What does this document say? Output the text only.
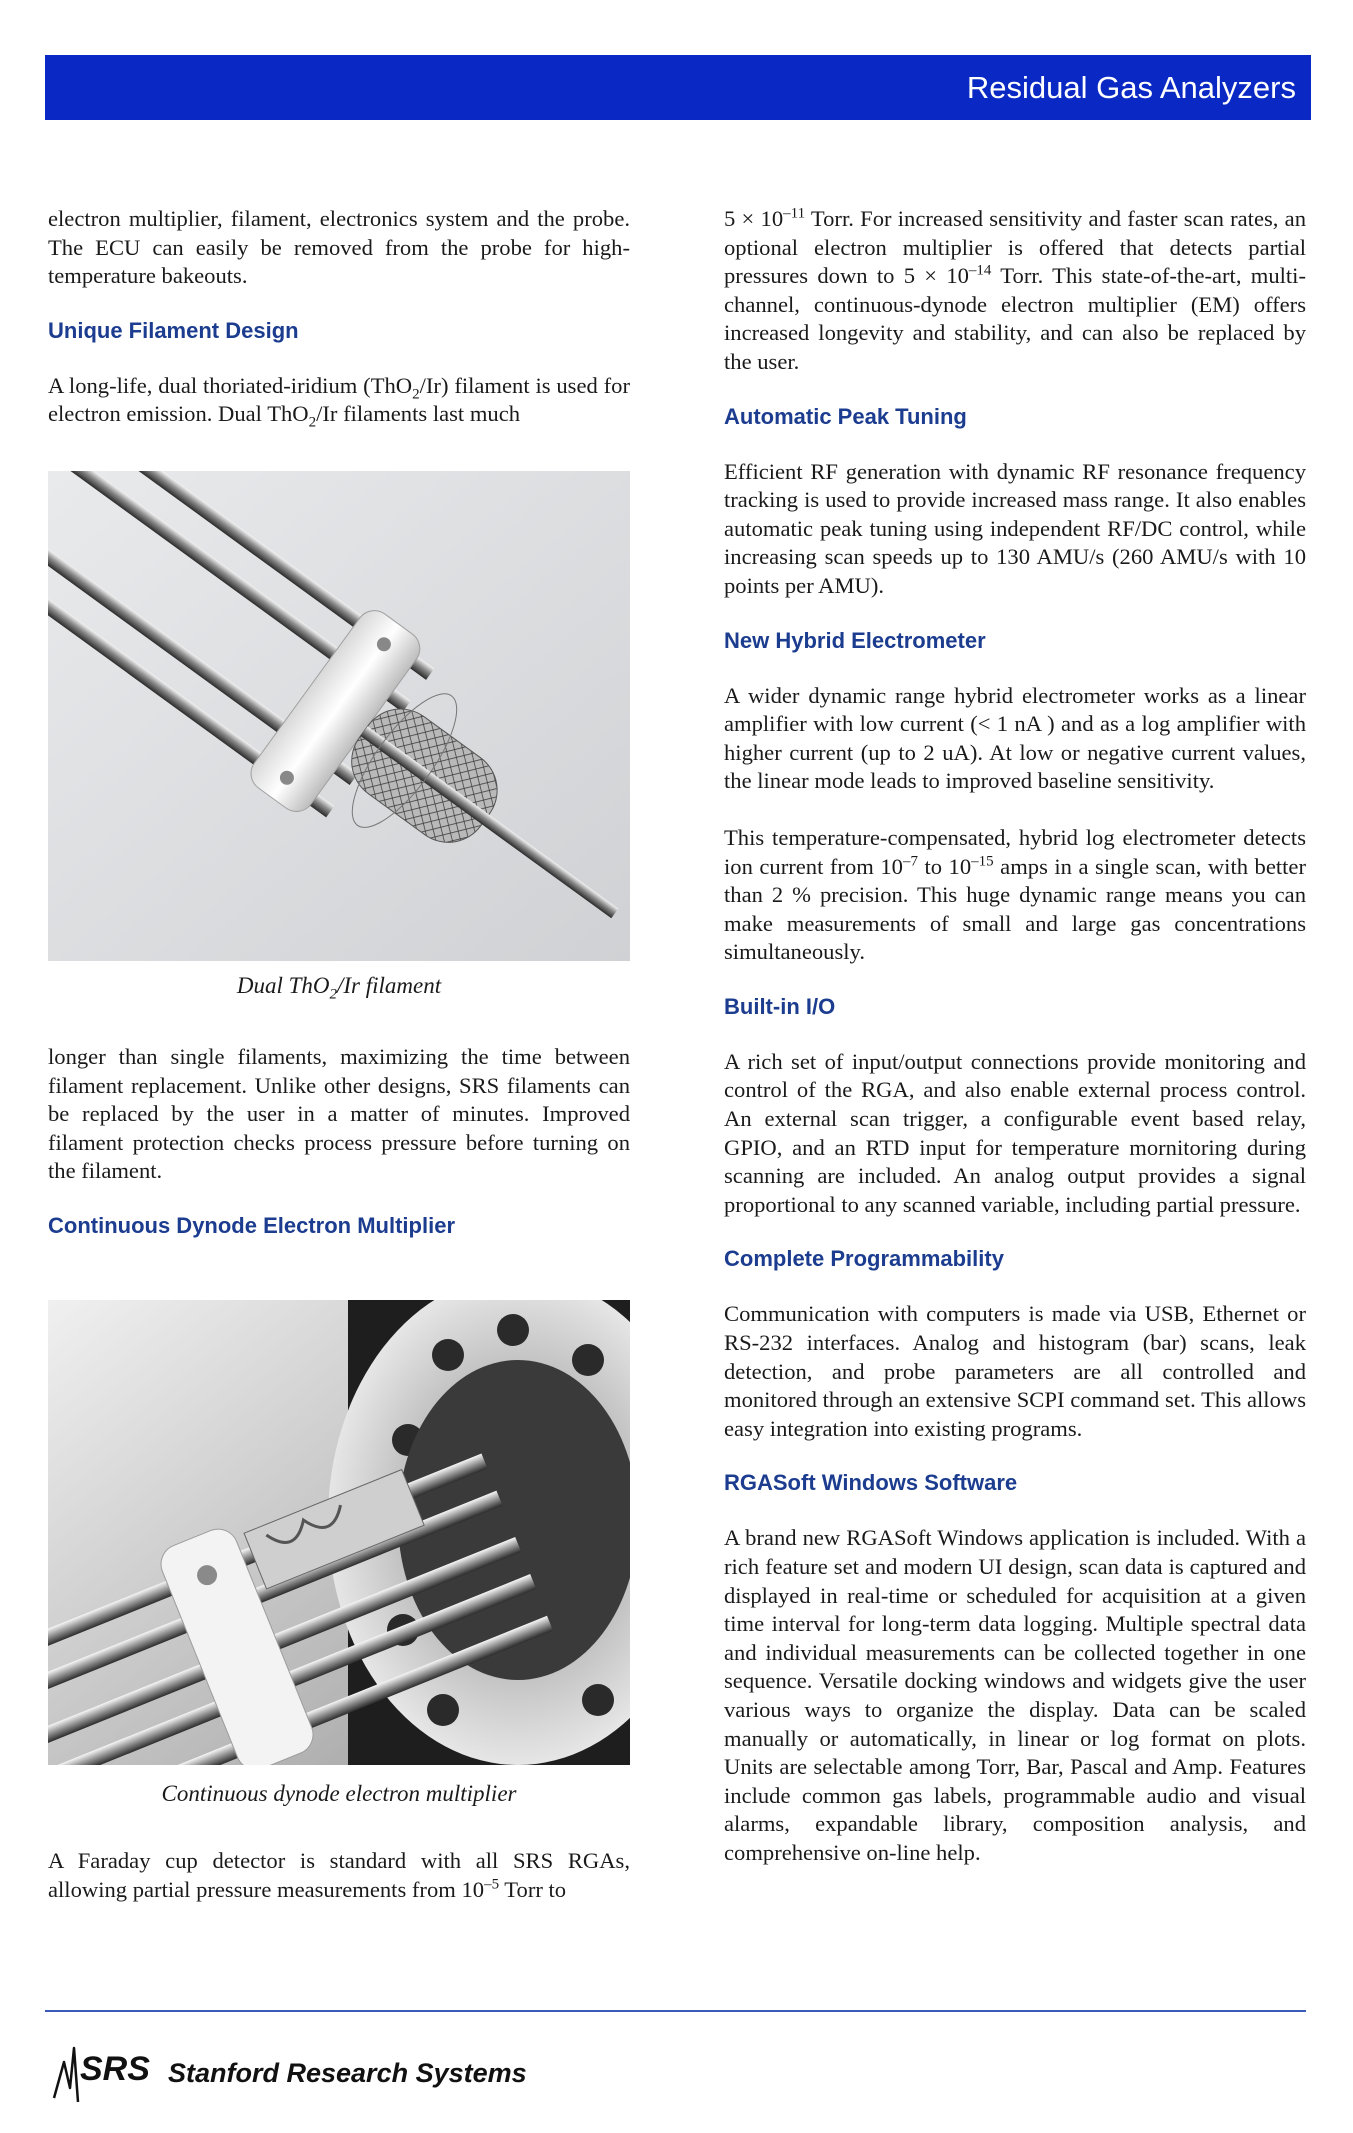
Residual Gas Analyzers

electron multiplier, filament, electronics system and the probe. The ECU can easily be removed from the probe for high-temperature bakeouts.

Unique Filament Design

A long-life, dual thoriated-iridium (ThO$_2$/Ir) filament is used for electron emission. Dual ThO$_2$/Ir filaments last much

Dual ThO$_2$/Ir filament

longer than single filaments, maximizing the time between filament replacement. Unlike other designs, SRS filaments can be replaced by the user in a matter of minutes. Improved filament protection checks process pressure before turning on the filament.

Continuous Dynode Electron Multiplier
Continuous dynode electron multiplier

A Faraday cup detector is standard with all SRS RGAs, allowing partial pressure measurements from $10^{-5}$ Torr to

$5 \times 10^{-11}$ Torr. For increased sensitivity and faster scan rates, an optional electron multiplier is offered that detects partial pressures down to $5 \times 10^{-14}$ Torr. This state-of-the-art, multi-channel, continuous-dynode electron multiplier (EM) offers increased longevity and stability, and can also be replaced by the user.

Automatic Peak Tuning

Efficient RF generation with dynamic RF resonance frequency tracking is used to provide increased mass range. It also enables automatic peak tuning using independent RF/DC control, while increasing scan speeds up to 130 AMU/s (260 AMU/s with 10 points per AMU).

New Hybrid Electrometer

A wider dynamic range hybrid electrometer works as a linear amplifier with low current (< 1 nA ) and as a log amplifier with higher current (up to 2 uA). At low or negative current values, the linear mode leads to improved baseline sensitivity.

This temperature-compensated, hybrid log electrometer detects ion current from $10^{-7}$ to $10^{-15}$ amps in a single scan, with better than 2 % precision. This huge dynamic range means you can make measurements of small and large gas concentrations simultaneously.

Built-in I/O

A rich set of input/output connections provide monitoring and control of the RGA, and also enable external process control. An external scan trigger, a configurable event based relay, GPIO, and an RTD input for temperature mornitoring during scanning are included. An analog output provides a signal proportional to any scanned variable, including partial pressure.

Complete Programmability

Communication with computers is made via USB, Ethernet or RS-232 interfaces. Analog and histogram (bar) scans, leak detection, and probe parameters are all controlled and monitored through an extensive SCPI command set. This allows easy integration into existing programs.

RGASoft Windows Software

A brand new RGASoft Windows application is included. With a rich feature set and modern UI design, scan data is captured and displayed in real-time or scheduled for acquisition at a given time interval for long-term data logging. Multiple spectral data and individual measurements can be collected together in one sequence. Versatile docking windows and widgets give the user various ways to organize the display. Data can be scaled manually or automatically, in linear or log format on plots. Units are selectable among Torr, Bar, Pascal and Amp. Features include common gas labels, programmable audio and visual alarms, expandable library, composition analysis, and comprehensive on-line help.

SRS Stanford Research Systems
